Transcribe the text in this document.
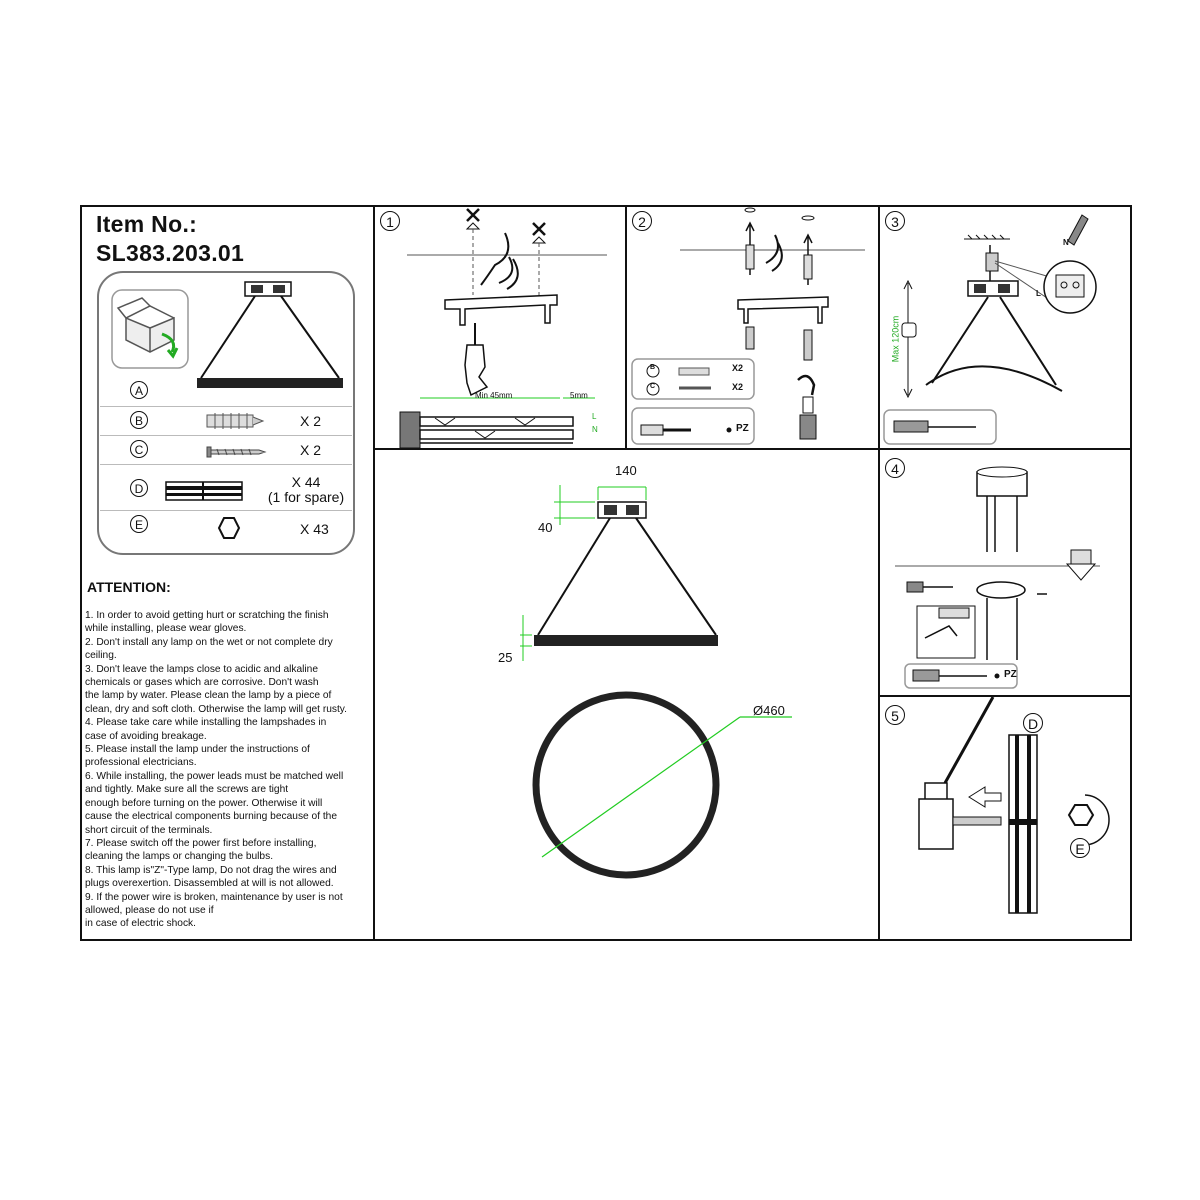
Item No.:
SL383.203.01
A
B	X 2
C	X 2
D	X 44
(1 for spare)
E	X 43
ATTENTION:
1. In order to avoid getting hurt or scratching the finish
while installing, please wear gloves.
2. Don't install any lamp on the wet or not complete dry
ceiling.
3. Don't leave the lamps close to acidic and alkaline
chemicals or gases which are corrosive. Don't wash
the lamp by water. Please clean the lamp by a piece of
clean, dry and soft cloth. Otherwise the lamp will get rusty.
4. Please take care while installing the lampshades in
case of avoiding breakage.
5. Please install the lamp under the instructions of
professional electricians.
6. While installing, the power leads must be matched well
and tightly. Make sure all the screws are tight
enough before turning on the power. Otherwise it will
cause the electrical components burning because of the
short circuit of the terminals.
7. Please switch off the power first before installing,
cleaning the lamps or changing the bulbs.
8. This lamp is"Z"-Type lamp, Do not drag the wires and
plugs overexertion. Disassembled at will is not allowed.
9. If the power wire is broken, maintenance by user is not
allowed, please do not use if
in case of electric shock.
1
Min 45mm	5mm
L
N
2
B
C
X2
X2
PZ
3
Max 120cm
L
N
140
40
25
Ø460
4
PZ
5	D
E
